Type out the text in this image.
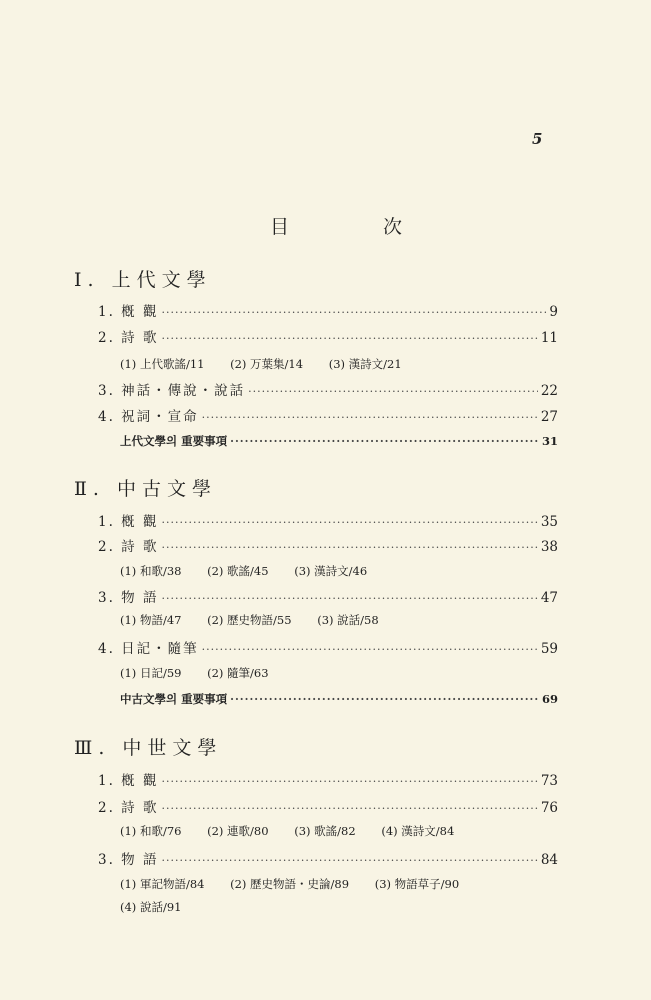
5
目 次
I. 上代文學
1. 槪 觀 ·····	9
2. 詩 歌 ·····	11
(1) 上代歌謠/11 (2) 万葉集/14 (3) 漢詩文/21
3. 神話・傳說・說話 ·····	22
4. 祝詞・宣命 ·····	27
上代文學의 重要事項 ·····	31
Ⅱ. 中古文學
1. 槪 觀 ·····	35
2. 詩 歌 ·····	38
(1) 和歌/38 (2) 歌謠/45 (3) 漢詩文/46
3. 物 語 ·····	47
(1) 物語/47 (2) 歷史物語/55 (3) 說話/58
4. 日記・隨筆 ·····	59
(1) 日記/59 (2) 隨筆/63
中古文學의 重要事項 ·····	69
Ⅲ. 中世文學
1. 槪 觀 ·····	73
2. 詩 歌 ·····	76
(1) 和歌/76 (2) 連歌/80 (3) 歌謠/82 (4) 漢詩文/84
3. 物 語 ·····	84
(1) 軍記物語/84 (2) 歷史物語・史論/89 (3) 物語草子/90
(4) 說話/91
